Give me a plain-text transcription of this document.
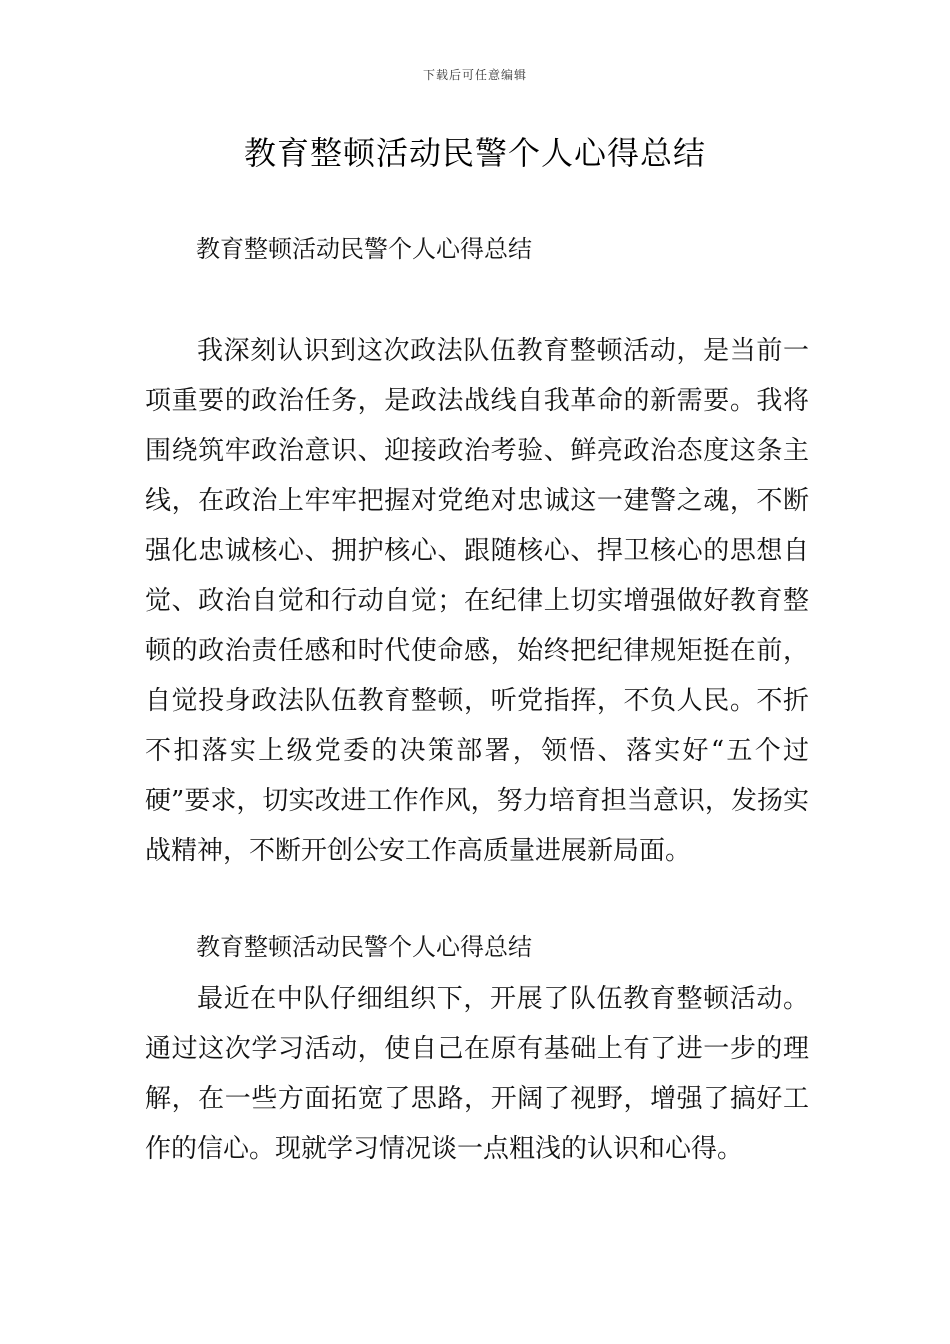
下载后可任意编辑
教育整顿活动民警个人心得总结

教育整顿活动民警个人心得总结

我深刻认识到这次政法队伍教育整顿活动，是当前一项重要的政治任务，是政法战线自我革命的新需要。我将围绕筑牢政治意识、迎接政治考验、鲜亮政治态度这条主线，在政治上牢牢把握对党绝对忠诚这一建警之魂，不断强化忠诚核心、拥护核心、跟随核心、捍卫核心的思想自觉、政治自觉和行动自觉；在纪律上切实增强做好教育整顿的政治责任感和时代使命感，始终把纪律规矩挺在前，自觉投身政法队伍教育整顿，听党指挥，不负人民。不折不扣落实上级党委的决策部署，领悟、落实好“五个过硬”要求，切实改进工作作风，努力培育担当意识，发扬实战精神，不断开创公安工作高质量进展新局面。

教育整顿活动民警个人心得总结

最近在中队仔细组织下，开展了队伍教育整顿活动。通过这次学习活动，使自己在原有基础上有了进一步的理解，在一些方面拓宽了思路，开阔了视野，增强了搞好工作的信心。现就学习情况谈一点粗浅的认识和心得。
